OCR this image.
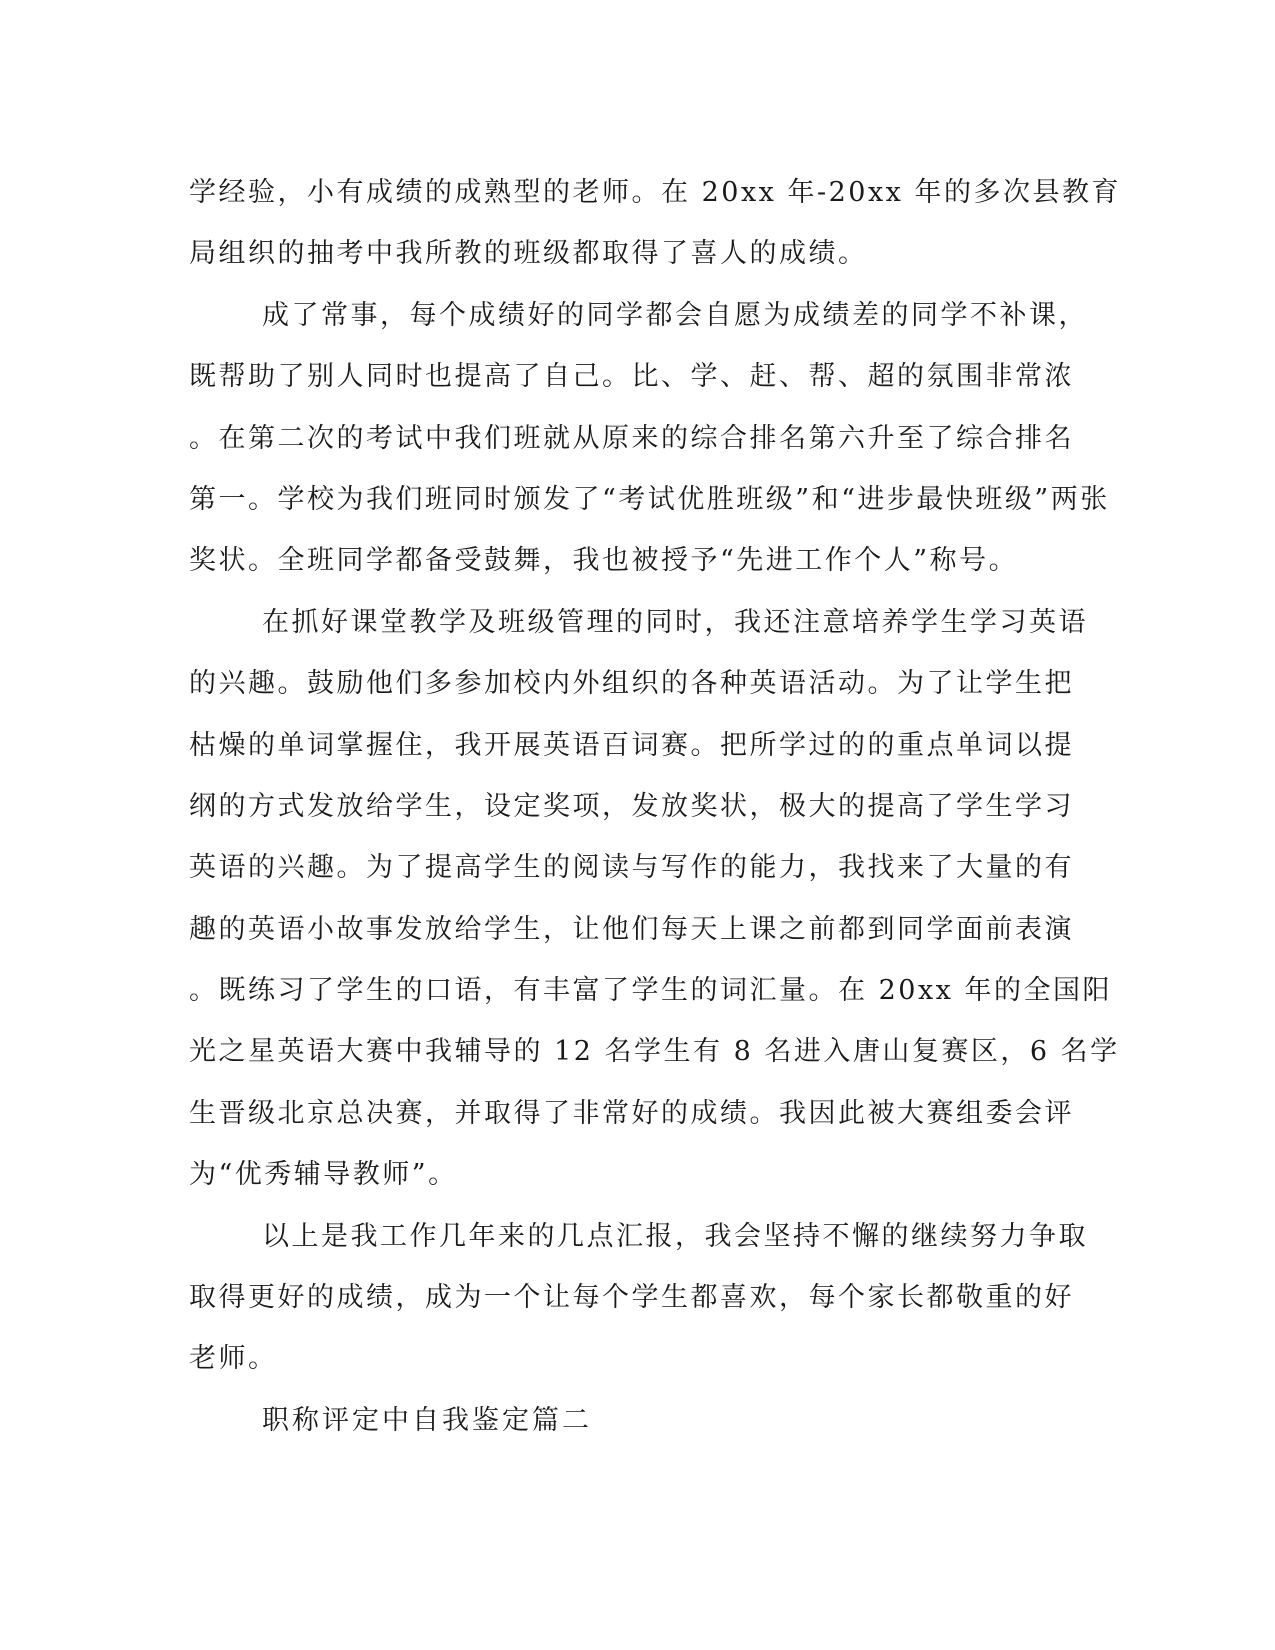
学经验，小有成绩的成熟型的老师。在 20xx 年-20xx 年的多次县教育
局组织的抽考中我所教的班级都取得了喜人的成绩。
成了常事，每个成绩好的同学都会自愿为成绩差的同学不补课，
既帮助了别人同时也提高了自己。比、学、赶、帮、超的氛围非常浓
。在第二次的考试中我们班就从原来的综合排名第六升至了综合排名
第一。学校为我们班同时颁发了“考试优胜班级”和“进步最快班级”两张
奖状。全班同学都备受鼓舞，我也被授予“先进工作个人”称号。
在抓好课堂教学及班级管理的同时，我还注意培养学生学习英语
的兴趣。鼓励他们多参加校内外组织的各种英语活动。为了让学生把
枯燥的单词掌握住，我开展英语百词赛。把所学过的的重点单词以提
纲的方式发放给学生，设定奖项，发放奖状，极大的提高了学生学习
英语的兴趣。为了提高学生的阅读与写作的能力，我找来了大量的有
趣的英语小故事发放给学生，让他们每天上课之前都到同学面前表演
。既练习了学生的口语，有丰富了学生的词汇量。在 20xx 年的全国阳
光之星英语大赛中我辅导的 12 名学生有 8 名进入唐山复赛区，6 名学
生晋级北京总决赛，并取得了非常好的成绩。我因此被大赛组委会评
为“优秀辅导教师”。
以上是我工作几年来的几点汇报，我会坚持不懈的继续努力争取
取得更好的成绩，成为一个让每个学生都喜欢，每个家长都敬重的好
老师。
职称评定中自我鉴定篇二
